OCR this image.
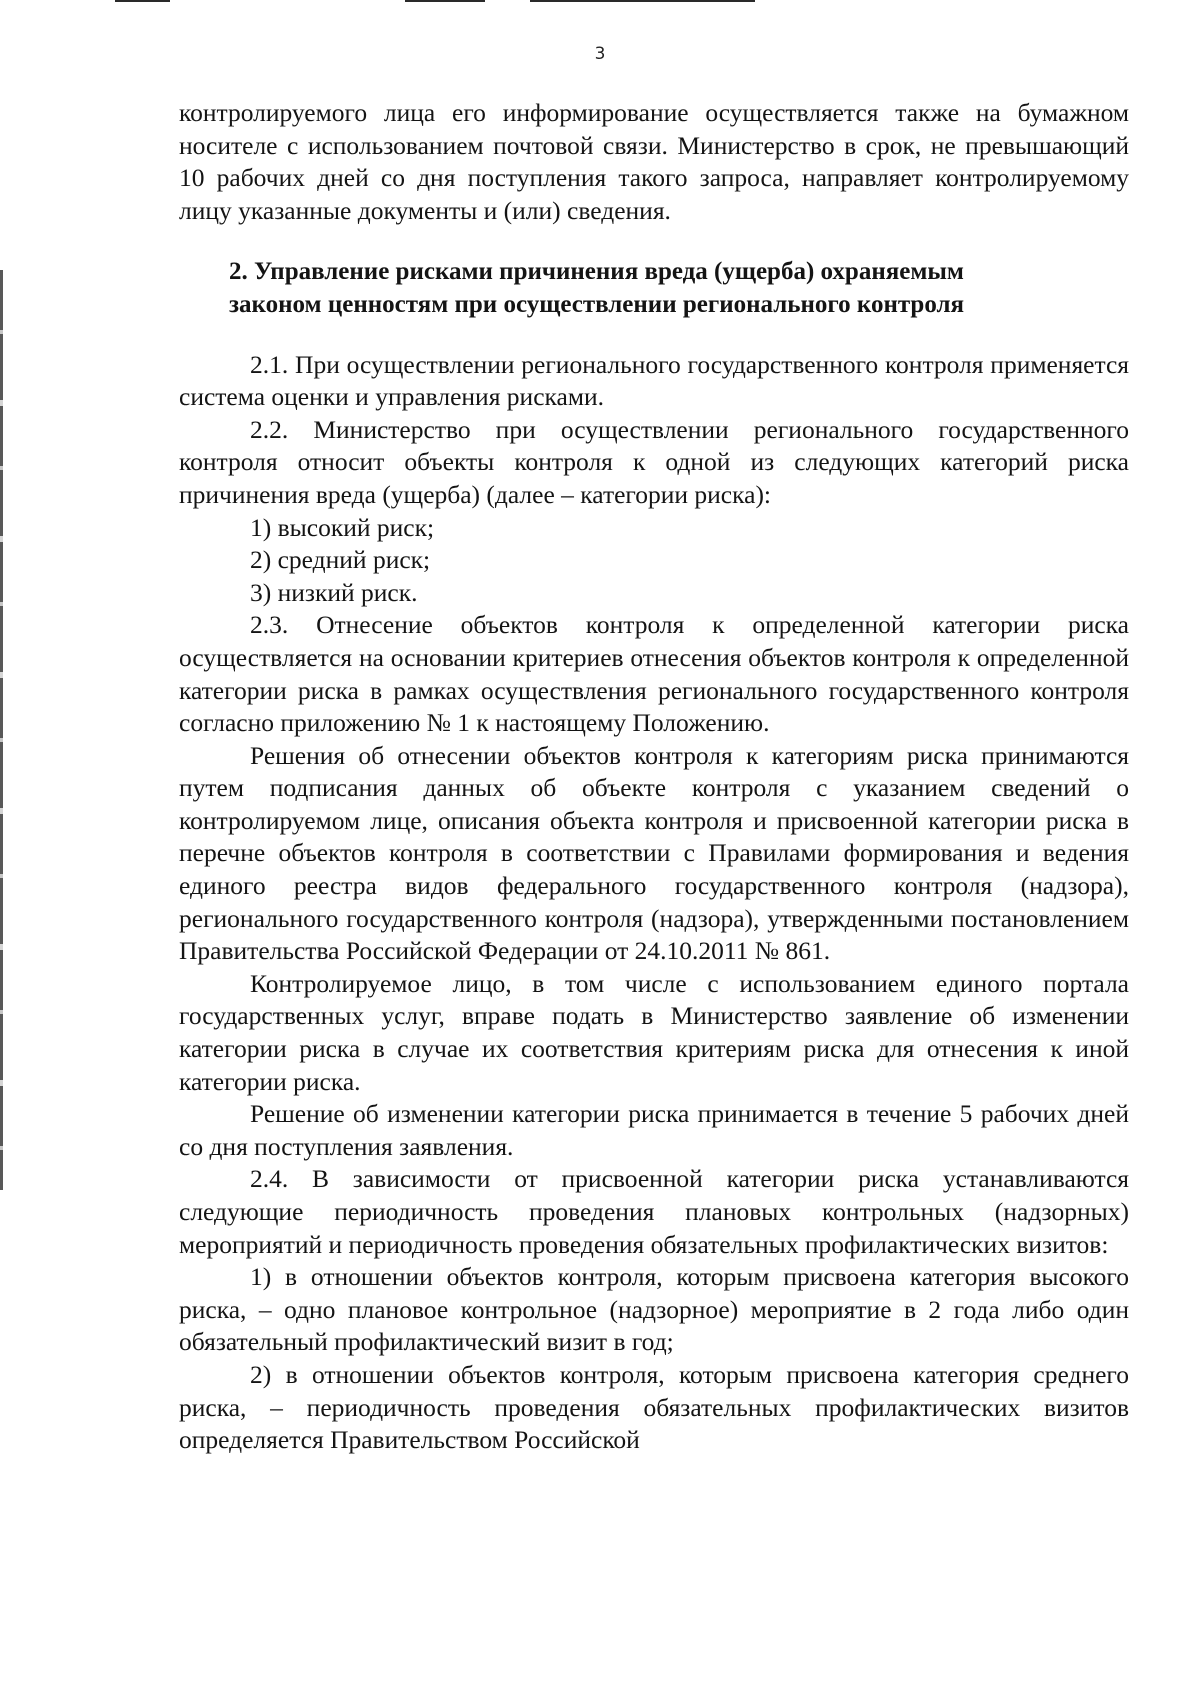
3

контролируемого лица его информирование осуществляется также на бумажном носителе с использованием почтовой связи. Министерство в срок, не превышающий 10 рабочих дней со дня поступления такого запроса, направляет контролируемому лицу указанные документы и (или) сведения.

2. Управление рисками причинения вреда (ущерба) охраняемым
законом ценностям при осуществлении регионального контроля

2.1. При осуществлении регионального государственного контроля применяется система оценки и управления рисками.

2.2. Министерство при осуществлении регионального государственного контроля относит объекты контроля к одной из следующих категорий риска причинения вреда (ущерба) (далее – категории риска):

1) высокий риск;

2) средний риск;

3) низкий риск.

2.3. Отнесение объектов контроля к определенной категории риска осуществляется на основании критериев отнесения объектов контроля к определенной категории риска в рамках осуществления регионального государственного контроля согласно приложению № 1 к настоящему Положению.

Решения об отнесении объектов контроля к категориям риска принимаются путем подписания данных об объекте контроля с указанием сведений о контролируемом лице, описания объекта контроля и присвоенной категории риска в перечне объектов контроля в соответствии с Правилами формирования и ведения единого реестра видов федерального государственного контроля (надзора), регионального государственного контроля (надзора), утвержденными постановлением Правительства Российской Федерации от 24.10.2011 № 861.

Контролируемое лицо, в том числе с использованием единого портала государственных услуг, вправе подать в Министерство заявление об изменении категории риска в случае их соответствия критериям риска для отнесения к иной категории риска.

Решение об изменении категории риска принимается в течение 5 рабочих дней со дня поступления заявления.

2.4. В зависимости от присвоенной категории риска устанавливаются следующие периодичность проведения плановых контрольных (надзорных) мероприятий и периодичность проведения обязательных профилактических визитов:

1) в отношении объектов контроля, которым присвоена категория высокого риска, – одно плановое контрольное (надзорное) мероприятие в 2 года либо один обязательный профилактический визит в год;

2) в отношении объектов контроля, которым присвоена категория среднего риска, – периодичность проведения обязательных профилактических визитов определяется Правительством Российской
